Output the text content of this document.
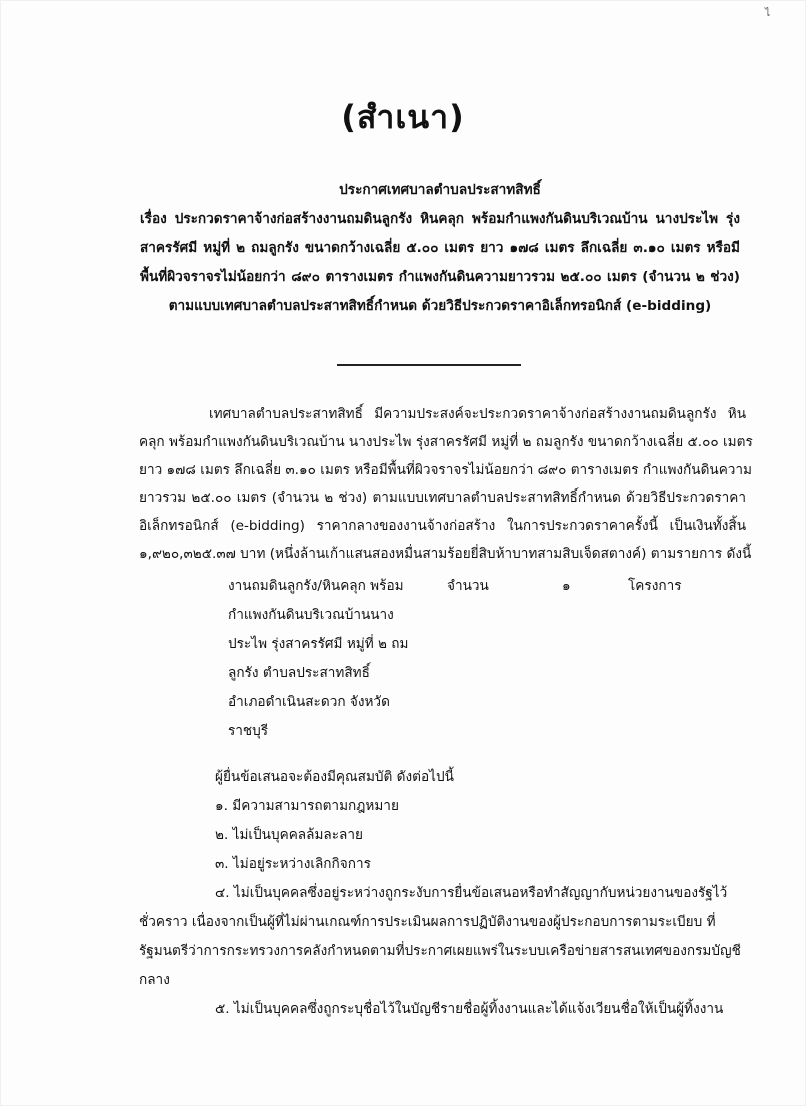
ไ
(สำเนา)
ประกาศเทศบาลตำบลประสาทสิทธิ์
เรื่อง ประกวดราคาจ้างก่อสร้างงานถมดินลูกรัง หินคลุก พร้อมกำแพงกันดินบริเวณบ้าน นางประไพ รุ่ง
สาครรัศมี หมู่ที่ ๒ ถมลูกรัง ขนาดกว้างเฉลี่ย ๕.๐๐ เมตร ยาว ๑๗๘ เมตร ลึกเฉลี่ย ๓.๑๐ เมตร หรือมี
พื้นที่ผิวจราจรไม่น้อยกว่า ๘๙๐ ตารางเมตร กำแพงกันดินความยาวรวม ๒๕.๐๐ เมตร (จำนวน ๒ ช่วง)
ตามแบบเทศบาลตำบลประสาทสิทธิ์กำหนด ด้วยวิธีประกวดราคาอิเล็กทรอนิกส์ (e-bidding)
เทศบาลตำบลประสาทสิทธิ์ มีความประสงค์จะประกวดราคาจ้างก่อสร้างงานถมดินลูกรัง หิน
คลุก พร้อมกำแพงกันดินบริเวณบ้าน นางประไพ รุ่งสาครรัศมี หมู่ที่ ๒ ถมลูกรัง ขนาดกว้างเฉลี่ย ๕.๐๐ เมตร
ยาว ๑๗๘ เมตร ลึกเฉลี่ย ๓.๑๐ เมตร หรือมีพื้นที่ผิวจราจรไม่น้อยกว่า ๘๙๐ ตารางเมตร กำแพงกันดินความ
ยาวรวม ๒๕.๐๐ เมตร (จำนวน ๒ ช่วง) ตามแบบเทศบาลตำบลประสาทสิทธิ์กำหนด ด้วยวิธีประกวดราคา
อิเล็กทรอนิกส์ (e-bidding) ราคากลางของงานจ้างก่อสร้าง ในการประกวดราคาครั้งนี้ เป็นเงินทั้งสิ้น
๑,๙๒๐,๓๒๕.๓๗ บาท (หนึ่งล้านเก้าแสนสองหมื่นสามร้อยยี่สิบห้าบาทสามสิบเจ็ดสตางค์) ตามรายการ ดังนี้
งานถมดินลูกรัง/หินคลุก พร้อม
กำแพงกันดินบริเวณบ้านนาง
ประไพ รุ่งสาครรัศมี หมู่ที่ ๒ ถม
ลูกรัง ตำบลประสาทสิทธิ์
อำเภอดำเนินสะดวก จังหวัด
ราชบุรี
จำนวน	๑	โครงการ
ผู้ยื่นข้อเสนอจะต้องมีคุณสมบัติ ดังต่อไปนี้
๑. มีความสามารถตามกฎหมาย
๒. ไม่เป็นบุคคลล้มละลาย
๓. ไม่อยู่ระหว่างเลิกกิจการ
๔. ไม่เป็นบุคคลซึ่งอยู่ระหว่างถูกระงับการยื่นข้อเสนอหรือทำสัญญากับหน่วยงานของรัฐไว้
ชั่วคราว เนื่องจากเป็นผู้ที่ไม่ผ่านเกณฑ์การประเมินผลการปฏิบัติงานของผู้ประกอบการตามระเบียบ ที่
รัฐมนตรีว่าการกระทรวงการคลังกำหนดตามที่ประกาศเผยแพร่ในระบบเครือข่ายสารสนเทศของกรมบัญชี
กลาง
๕. ไม่เป็นบุคคลซึ่งถูกระบุชื่อไว้ในบัญชีรายชื่อผู้ทิ้งงานและได้แจ้งเวียนชื่อให้เป็นผู้ทิ้งงาน
